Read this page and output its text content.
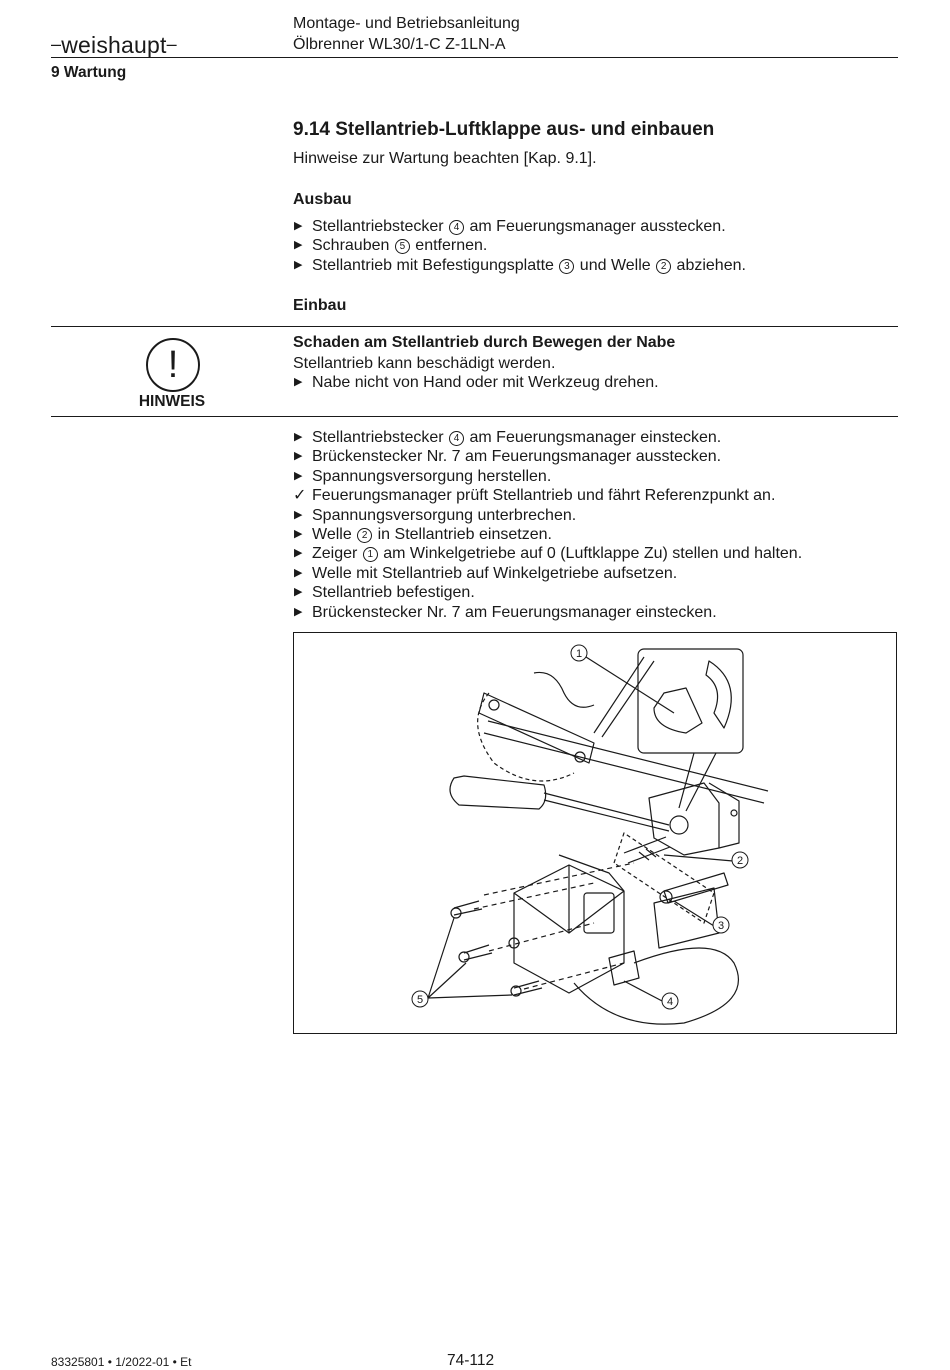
–weishaupt–
Montage- und Betriebsanleitung
Ölbrenner WL30/1-C Z-1LN-A
9 Wartung
9.14 Stellantrieb-Luftklappe aus- und einbauen
Hinweise zur Wartung beachten [Kap. 9.1].
Ausbau
▶ Stellantriebstecker 4 am Feuerungsmanager ausstecken.
▶ Schrauben 5 entfernen.
▶ Stellantrieb mit Befestigungsplatte 3 und Welle 2 abziehen.
Einbau
!
HINWEIS
Schaden am Stellantrieb durch Bewegen der Nabe
Stellantrieb kann beschädigt werden.
▶ Nabe nicht von Hand oder mit Werkzeug drehen.
▶ Stellantriebstecker 4 am Feuerungsmanager einstecken.
▶ Brückenstecker Nr. 7 am Feuerungsmanager ausstecken.
▶ Spannungsversorgung herstellen.
✓ Feuerungsmanager prüft Stellantrieb und fährt Referenzpunkt an.
▶ Spannungsversorgung unterbrechen.
▶ Welle 2 in Stellantrieb einsetzen.
▶ Zeiger 1 am Winkelgetriebe auf 0 (Luftklappe Zu) stellen und halten.
▶ Welle mit Stellantrieb auf Winkelgetriebe aufsetzen.
▶ Stellantrieb befestigen.
▶ Brückenstecker Nr. 7 am Feuerungsmanager einstecken.
1
2
3
4
5
83325801 • 1/2022-01 • Et	74-112
